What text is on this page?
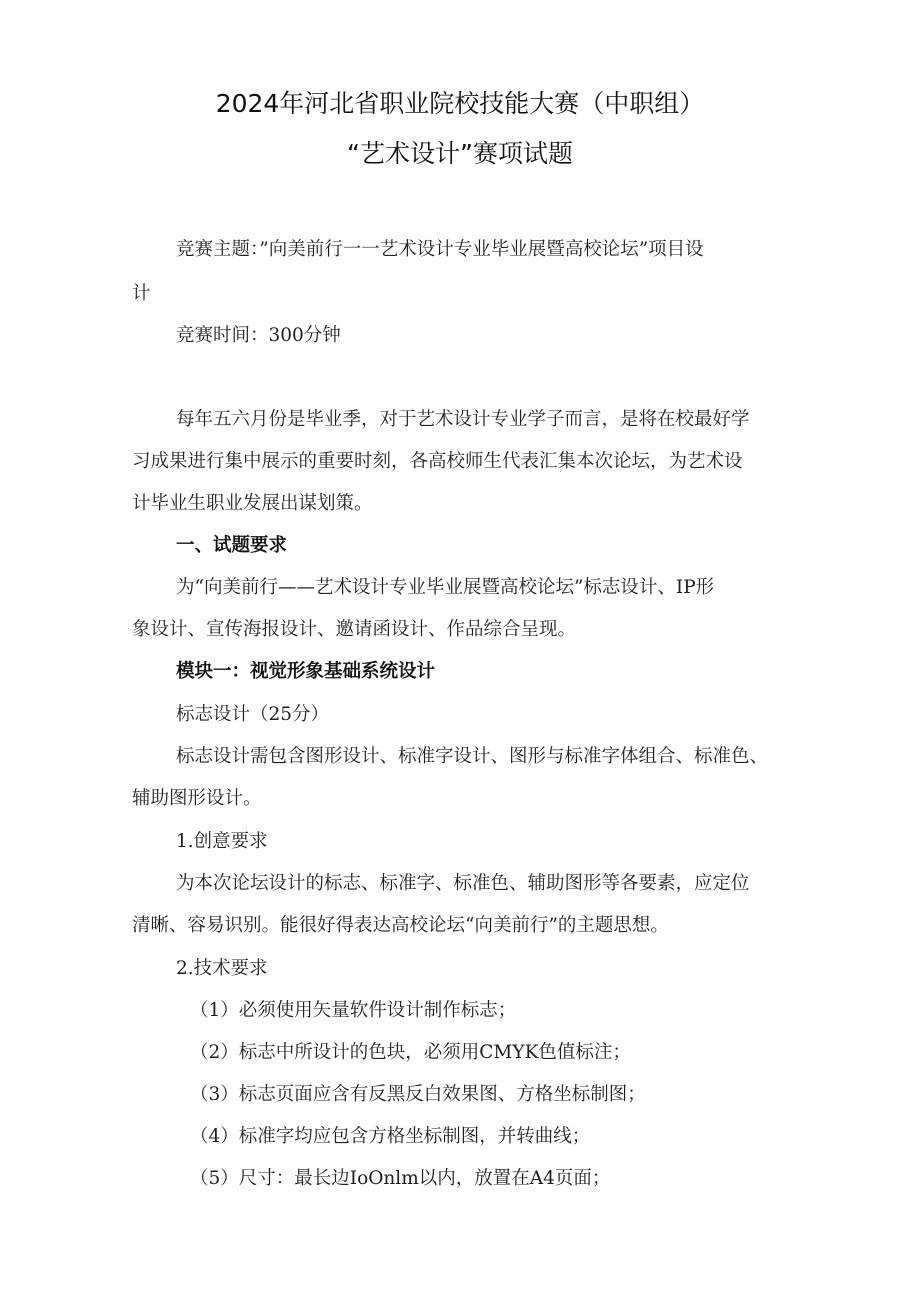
2024年河北省职业院校技能大赛（中职组）
“艺术设计”赛项试题
竞赛主题：”向美前行一一艺术设计专业毕业展暨高校论坛”项目设
计
竞赛时间：300分钟
每年五六月份是毕业季，对于艺术设计专业学子而言，是将在校最好学
习成果进行集中展示的重要时刻，各高校师生代表汇集本次论坛，为艺术设
计毕业生职业发展出谋划策。
一、试题要求
为“向美前行——艺术设计专业毕业展暨高校论坛”标志设计、IP形
象设计、宣传海报设计、邀请函设计、作品综合呈现。
模块一：视觉形象基础系统设计
标志设计（25分）
标志设计需包含图形设计、标准字设计、图形与标准字体组合、标准色、
辅助图形设计。
1.创意要求
为本次论坛设计的标志、标准字、标准色、辅助图形等各要素，应定位
清晰、容易识别。能很好得表达高校论坛“向美前行”的主题思想。
2.技术要求
（1）必须使用矢量软件设计制作标志；
（2）标志中所设计的色块，必须用CMYK色值标注；
（3）标志页面应含有反黑反白效果图、方格坐标制图；
（4）标准字均应包含方格坐标制图，并转曲线；
（5）尺寸：最长边IoOnlm以内，放置在A4页面；
